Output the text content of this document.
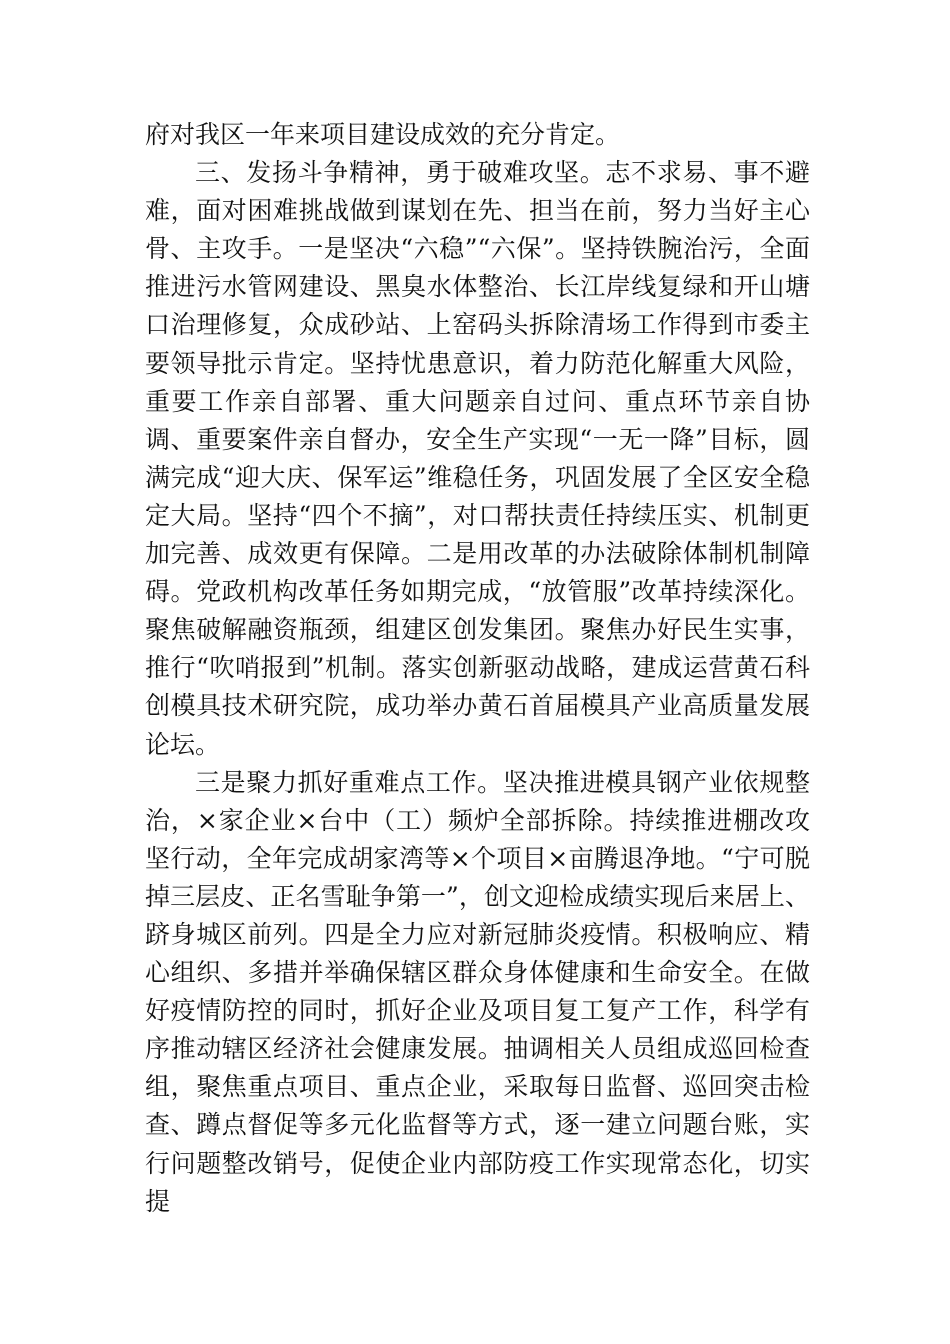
府对我区一年来项目建设成效的充分肯定。

三、发扬斗争精神，勇于破难攻坚。志不求易、事不避难，面对困难挑战做到谋划在先、担当在前，努力当好主心骨、主攻手。一是坚决“六稳”“六保”。坚持铁腕治污，全面推进污水管网建设、黑臭水体整治、长江岸线复绿和开山塘口治理修复，众成砂站、上窑码头拆除清场工作得到市委主要领导批示肯定。坚持忧患意识，着力防范化解重大风险，重要工作亲自部署、重大问题亲自过问、重点环节亲自协调、重要案件亲自督办，安全生产实现“一无一降”目标，圆满完成“迎大庆、保军运”维稳任务，巩固发展了全区安全稳定大局。坚持“四个不摘”，对口帮扶责任持续压实、机制更加完善、成效更有保障。二是用改革的办法破除体制机制障碍。党政机构改革任务如期完成，“放管服”改革持续深化。聚焦破解融资瓶颈，组建区创发集团。聚焦办好民生实事，推行“吹哨报到”机制。落实创新驱动战略，建成运营黄石科创模具技术研究院，成功举办黄石首届模具产业高质量发展论坛。

三是聚力抓好重难点工作。坚决推进模具钢产业依规整治，×家企业×台中（工）频炉全部拆除。持续推进棚改攻坚行动，全年完成胡家湾等×个项目×亩腾退净地。“宁可脱掉三层皮、正名雪耻争第一”，创文迎检成绩实现后来居上、跻身城区前列。四是全力应对新冠肺炎疫情。积极响应、精心组织、多措并举确保辖区群众身体健康和生命安全。在做好疫情防控的同时，抓好企业及项目复工复产工作，科学有序推动辖区经济社会健康发展。抽调相关人员组成巡回检查组，聚焦重点项目、重点企业，采取每日监督、巡回突击检查、蹲点督促等多元化监督等方式，逐一建立问题台账，实行问题整改销号，促使企业内部防疫工作实现常态化，切实提
